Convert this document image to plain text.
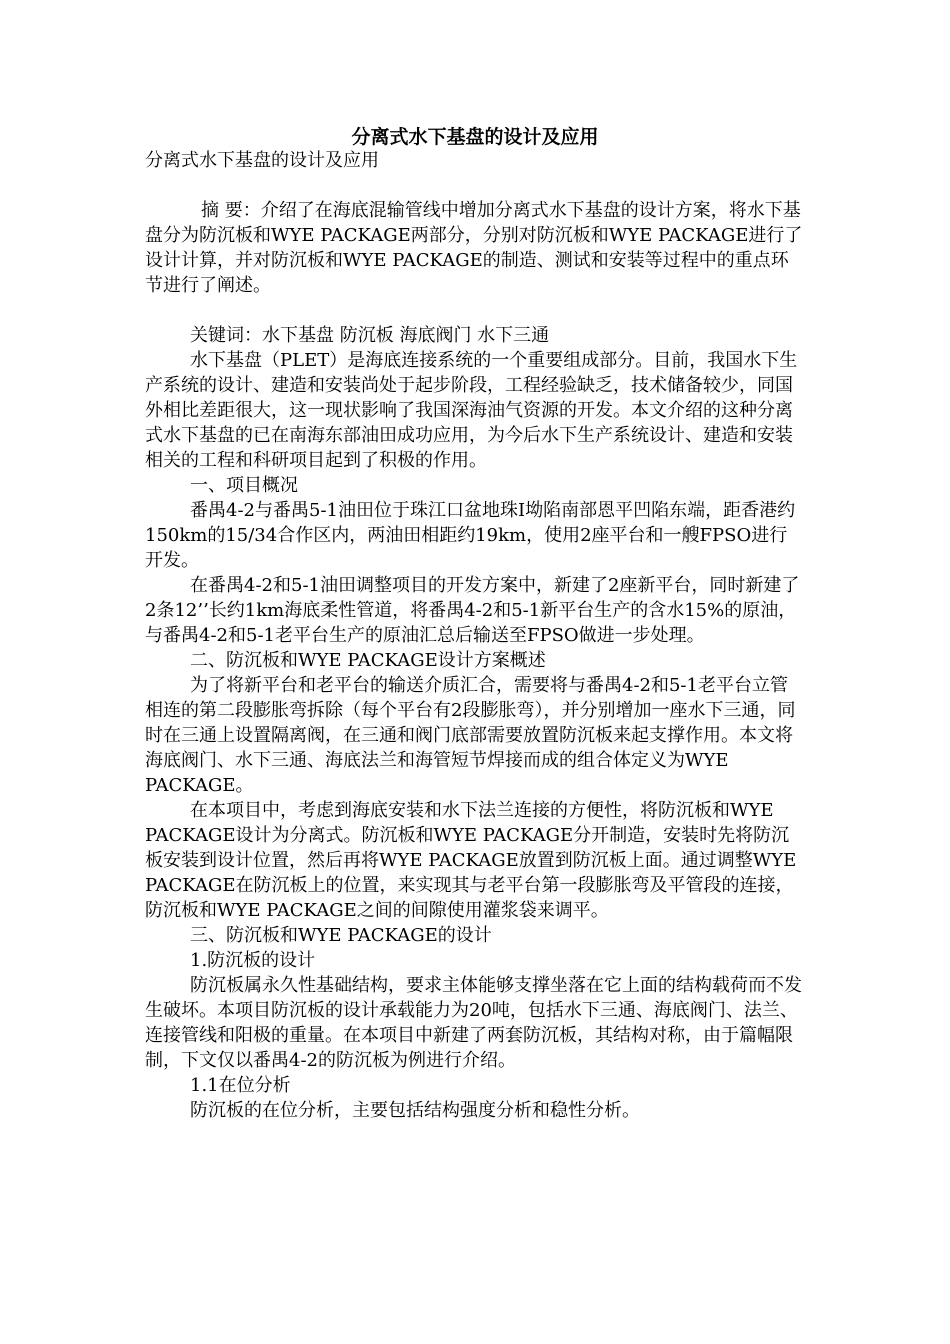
分离式水下基盘的设计及应用

分离式水下基盘的设计及应用

摘 要：介绍了在海底混输管线中增加分离式水下基盘的设计方案，将水下基盘分为防沉板和WYE PACKAGE两部分，分别对防沉板和WYE PACKAGE进行了设计计算，并对防沉板和WYE PACKAGE的制造、测试和安装等过程中的重点环节进行了阐述。

关键词：水下基盘 防沉板 海底阀门 水下三通

水下基盘（PLET）是海底连接系统的一个重要组成部分。目前，我国水下生产系统的设计、建造和安装尚处于起步阶段，工程经验缺乏，技术储备较少，同国外相比差距很大，这一现状影响了我国深海油气资源的开发。本文介绍的这种分离式水下基盘的已在南海东部油田成功应用，为今后水下生产系统设计、建造和安装相关的工程和科研项目起到了积极的作用。

一、项目概况

番禺4-2与番禺5-1油田位于珠江口盆地珠Ⅰ坳陷南部恩平凹陷东端，距香港约150km的15/34合作区内，两油田相距约19km，使用2座平台和一艘FPSO进行开发。

在番禺4-2和5-1油田调整项目的开发方案中，新建了2座新平台，同时新建了2条12’’长约1km海底柔性管道，将番禺4-2和5-1新平台生产的含水15%的原油，与番禺4-2和5-1老平台生产的原油汇总后输送至FPSO做进一步处理。

二、防沉板和WYE PACKAGE设计方案概述

为了将新平台和老平台的输送介质汇合，需要将与番禺4-2和5-1老平台立管相连的第二段膨胀弯拆除（每个平台有2段膨胀弯），并分别增加一座水下三通，同时在三通上设置隔离阀，在三通和阀门底部需要放置防沉板来起支撑作用。本文将海底阀门、水下三通、海底法兰和海管短节焊接而成的组合体定义为WYE PACKAGE。

在本项目中，考虑到海底安装和水下法兰连接的方便性，将防沉板和WYE PACKAGE设计为分离式。防沉板和WYE PACKAGE分开制造，安装时先将防沉板安装到设计位置，然后再将WYE PACKAGE放置到防沉板上面。通过调整WYE PACKAGE在防沉板上的位置，来实现其与老平台第一段膨胀弯及平管段的连接，防沉板和WYE PACKAGE之间的间隙使用灌浆袋来调平。

三、防沉板和WYE PACKAGE的设计

1.防沉板的设计

防沉板属永久性基础结构，要求主体能够支撑坐落在它上面的结构载荷而不发生破坏。本项目防沉板的设计承载能力为20吨，包括水下三通、海底阀门、法兰、连接管线和阳极的重量。在本项目中新建了两套防沉板，其结构对称，由于篇幅限制，下文仅以番禺4-2的防沉板为例进行介绍。

1.1在位分析

防沉板的在位分析，主要包括结构强度分析和稳性分析。
